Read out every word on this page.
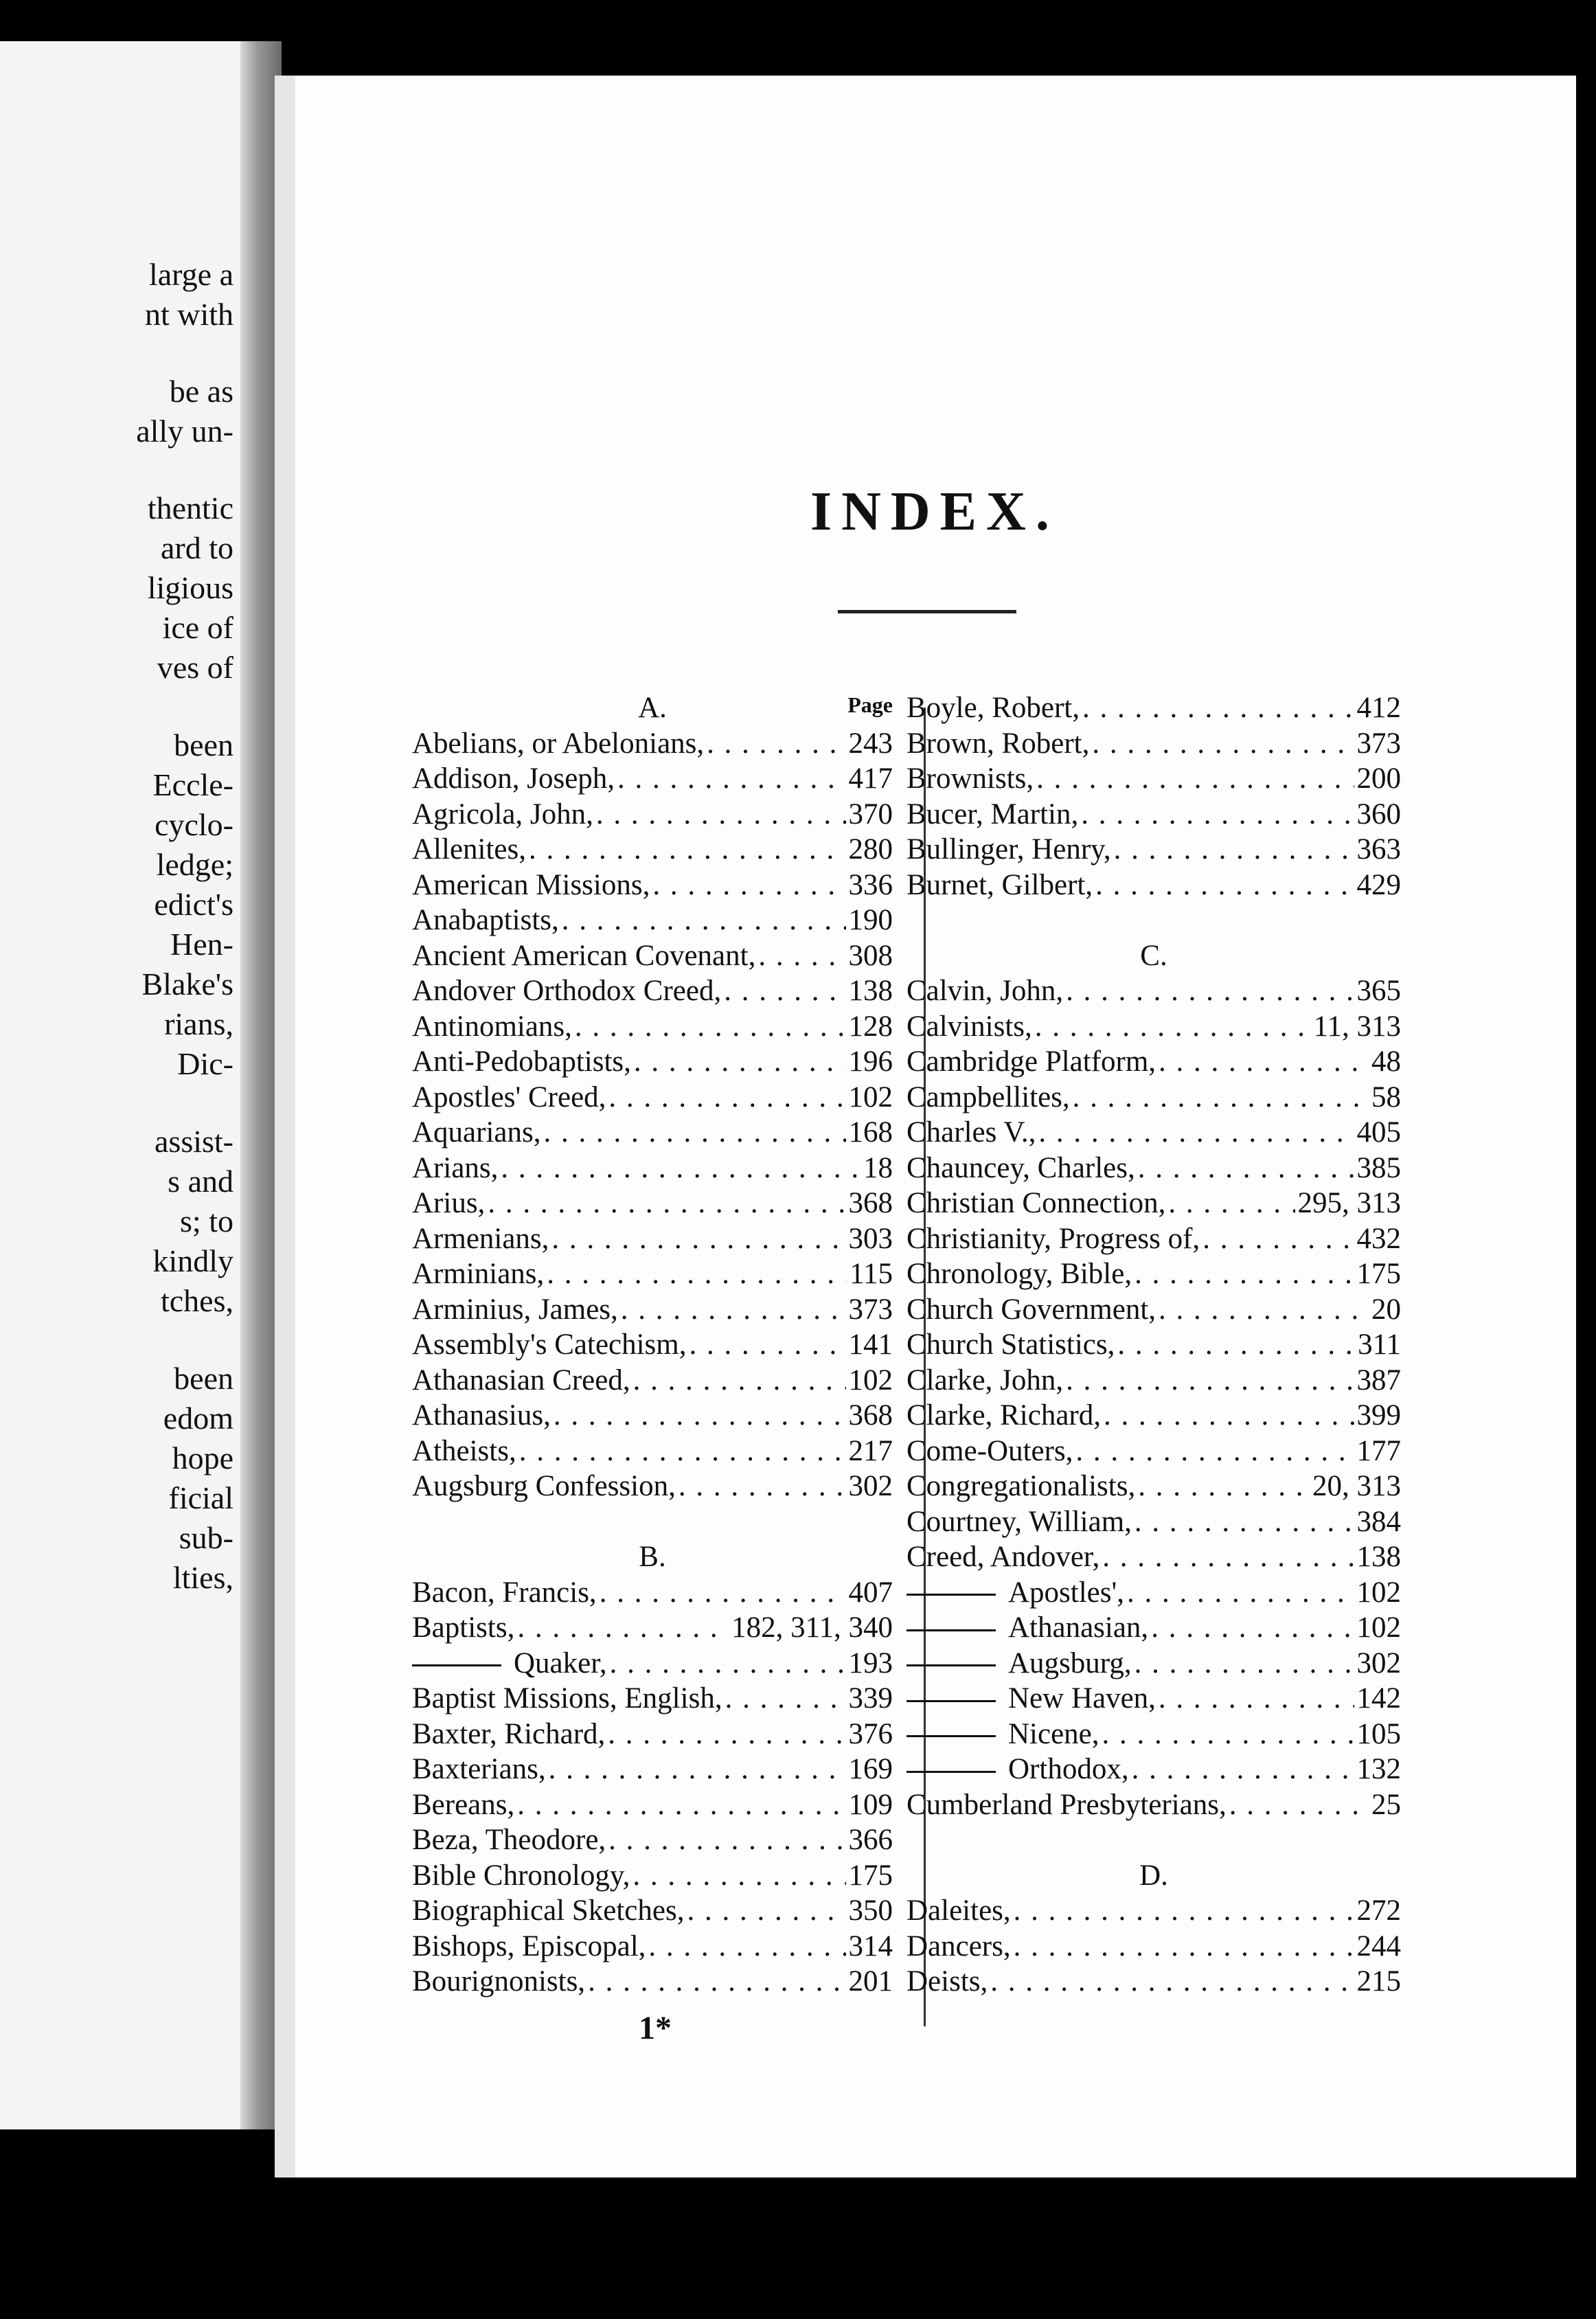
large a
nt with
be as
ally un-
thentic
ard to
ligious
ice of
ves of
been
Eccle-
cyclo-
ledge;
edict's
Hen-
Blake's
rians,
Dic-
assist-
s and
s; to
kindly
tches,
been
edom
hope
ficial
sub-
lties,
INDEX.
A.	Page
Abelians, or Abelonians, . . .	243
Addison, Joseph, . . .	417
Agricola, John, . . .	370
Allenites, . . .	280
American Missions, . . .	336
Anabaptists, . . .	190
Ancient American Covenant, . . .	308
Andover Orthodox Creed, . . .	138
Antinomians, . . .	128
Anti-Pedobaptists, . . .	196
Apostles' Creed, . . .	102
Aquarians, . . .	168
Arians, . . .	18
Arius, . . .	368
Armenians, . . .	303
Arminians, . . .	115
Arminius, James, . . .	373
Assembly's Catechism, . . .	141
Athanasian Creed, . . .	102
Athanasius, . . .	368
Atheists, . . .	217
Augsburg Confession, . . .	302
B.
Bacon, Francis, . . .	407
Baptists, . . .	182, 311, 340
Quaker, . . .	193
Baptist Missions, English, . . .	339
Baxter, Richard, . . .	376
Baxterians, . . .	169
Bereans, . . .	109
Beza, Theodore, . . .	366
Bible Chronology, . . .	175
Biographical Sketches, . . .	350
Bishops, Episcopal, . . .	314
Bourignonists, . . .	201
Boyle, Robert, . . .	412
Brown, Robert, . . .	373
Brownists, . . .	200
Bucer, Martin, . . .	360
Bullinger, Henry, . . .	363
Burnet, Gilbert, . . .	429
C.
Calvin, John, . . .	365
Calvinists, . . .	11, 313
Cambridge Platform, . . .	48
Campbellites, . . .	58
Charles V., . . .	405
Chauncey, Charles, . . .	385
Christian Connection, . . .	295, 313
Christianity, Progress of, . . .	432
Chronology, Bible, . . .	175
Church Government, . . .	20
Church Statistics, . . .	311
Clarke, John, . . .	387
Clarke, Richard, . . .	399
Come-Outers, . . .	177
Congregationalists, . . .	20, 313
Courtney, William, . . .	384
Creed, Andover, . . .	138
Apostles', . . .	102
Athanasian, . . .	102
Augsburg, . . .	302
New Haven, . . .	142
Nicene, . . .	105
Orthodox, . . .	132
Cumberland Presbyterians, . . .	25
D.
Daleites, . . .	272
Dancers, . . .	244
Deists, . . .	215
1*
